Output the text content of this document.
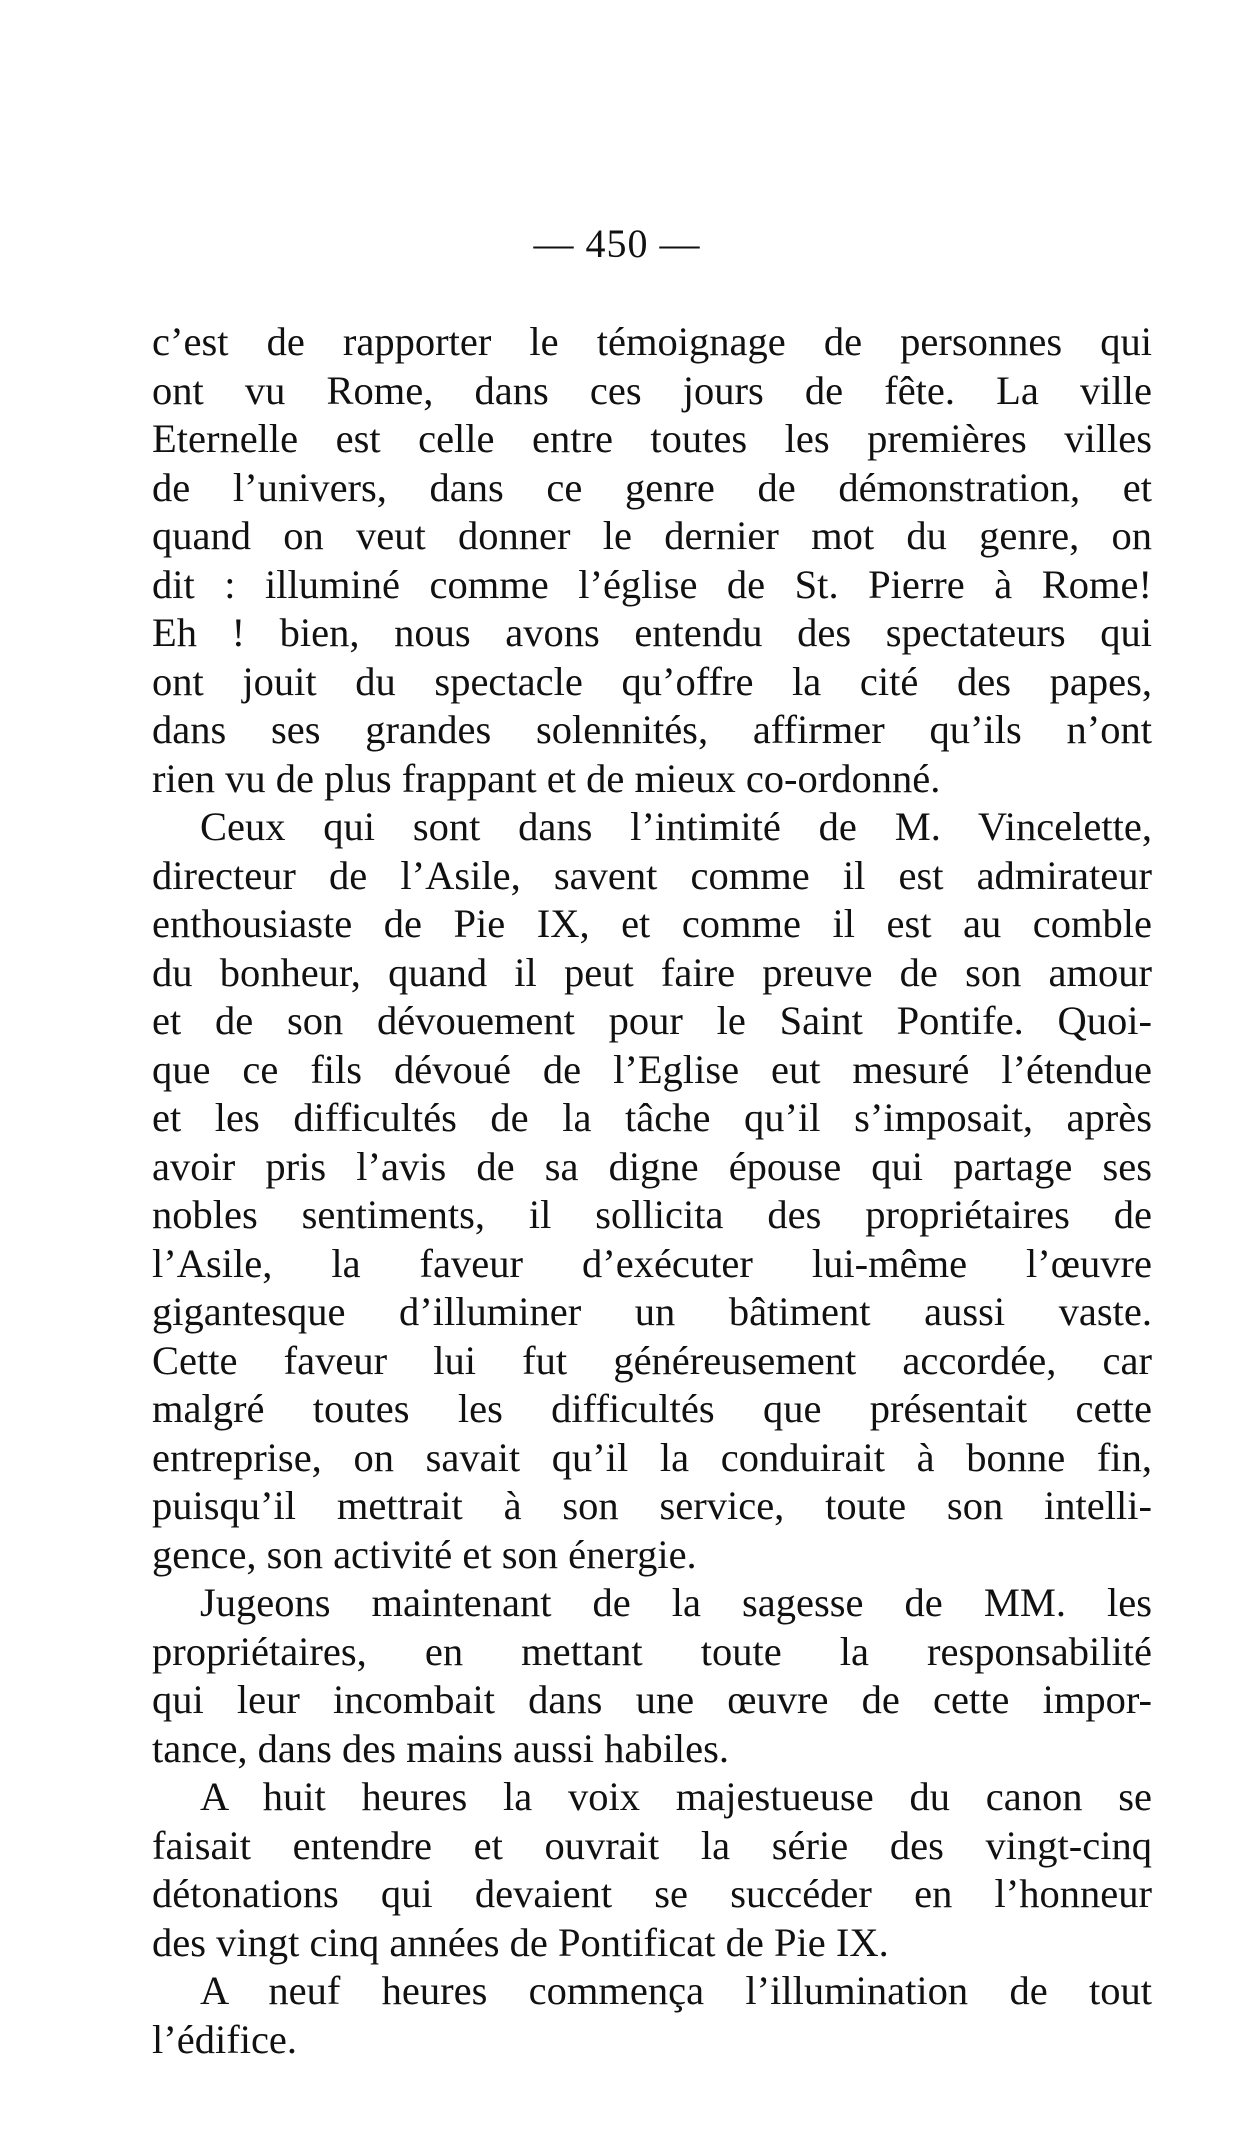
— 450 —
c’est de rapporter le témoignage de personnes qui
ont vu Rome, dans ces jours de fête. La ville
Eternelle est celle entre toutes les premières villes
de l’univers, dans ce genre de démonstration, et
quand on veut donner le dernier mot du genre, on
dit : illuminé comme l’église de St. Pierre à Rome!
Eh ! bien, nous avons entendu des spectateurs qui
ont jouit du spectacle qu’offre la cité des papes,
dans ses grandes solennités, affirmer qu’ils n’ont
rien vu de plus frappant et de mieux co-ordonné.
Ceux qui sont dans l’intimité de M. Vincelette,
directeur de l’Asile, savent comme il est admirateur
enthousiaste de Pie IX, et comme il est au comble
du bonheur, quand il peut faire preuve de son amour
et de son dévouement pour le Saint Pontife. Quoi-
que ce fils dévoué de l’Eglise eut mesuré l’étendue
et les difficultés de la tâche qu’il s’imposait, après
avoir pris l’avis de sa digne épouse qui partage ses
nobles sentiments, il sollicita des propriétaires de
l’Asile, la faveur d’exécuter lui-même l’œuvre
gigantesque d’illuminer un bâtiment aussi vaste.
Cette faveur lui fut généreusement accordée, car
malgré toutes les difficultés que présentait cette
entreprise, on savait qu’il la conduirait à bonne fin,
puisqu’il mettrait à son service, toute son intelli-
gence, son activité et son énergie.
Jugeons maintenant de la sagesse de MM. les
propriétaires, en mettant toute la responsabilité
qui leur incombait dans une œuvre de cette impor-
tance, dans des mains aussi habiles.
A huit heures la voix majestueuse du canon se
faisait entendre et ouvrait la série des vingt-cinq
détonations qui devaient se succéder en l’honneur
des vingt cinq années de Pontificat de Pie IX.
A neuf heures commença l’illumination de tout
l’édifice.
